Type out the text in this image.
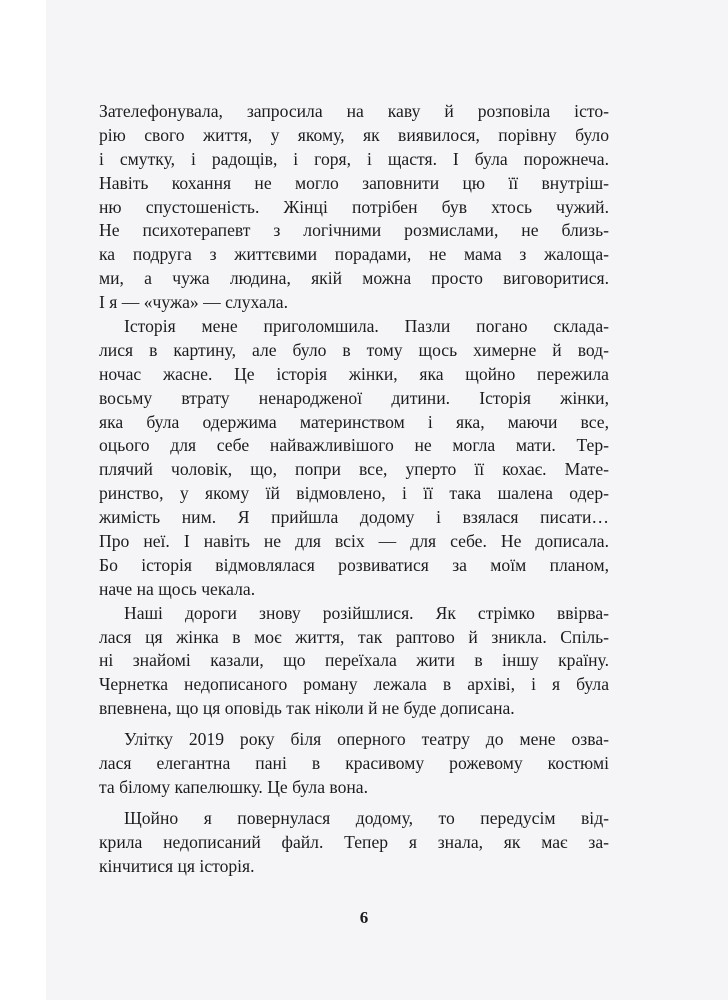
Зателефонувала, запросила на каву й розповіла істо-
рію свого життя, у якому, як виявилося, порівну було
і смутку, і радощів, і горя, і щастя. І була порожнеча.
Навіть кохання не могло заповнити цю її внутріш-
ню спустошеність. Жінці потрібен був хтось чужий.
Не психотерапевт з логічними розмислами, не близь-
ка подруга з життєвими порадами, не мама з жалоща-
ми, а чужа людина, якій можна просто виговоритися.
І я — «чужа» — слухала.
Історія мене приголомшила. Пазли погано склада-
лися в картину, але було в тому щось химерне й вод-
ночас жасне. Це історія жінки, яка щойно пережила
восьму втрату ненародженої дитини. Історія жінки,
яка була одержима материнством і яка, маючи все,
оцього для себе найважливішого не могла мати. Тер-
плячий чоловік, що, попри все, уперто її кохає. Мате-
ринство, у якому їй відмовлено, і її така шалена одер-
жимість ним. Я прийшла додому і взялася писати…
Про неї. І навіть не для всіх — для себе. Не дописала.
Бо історія відмовлялася розвиватися за моїм планом,
наче на щось чекала.
Наші дороги знову розійшлися. Як стрімко ввірва-
лася ця жінка в моє життя, так раптово й зникла. Спіль-
ні знайомі казали, що переїхала жити в іншу країну.
Чернетка недописаного роману лежала в архіві, і я була
впевнена, що ця оповідь так ніколи й не буде дописана.
Улітку 2019 року біля оперного театру до мене озва-
лася елегантна пані в красивому рожевому костюмі
та білому капелюшку. Це була вона.
Щойно я повернулася додому, то передусім від-
крила недописаний файл. Тепер я знала, як має за-
кінчитися ця історія.
6
